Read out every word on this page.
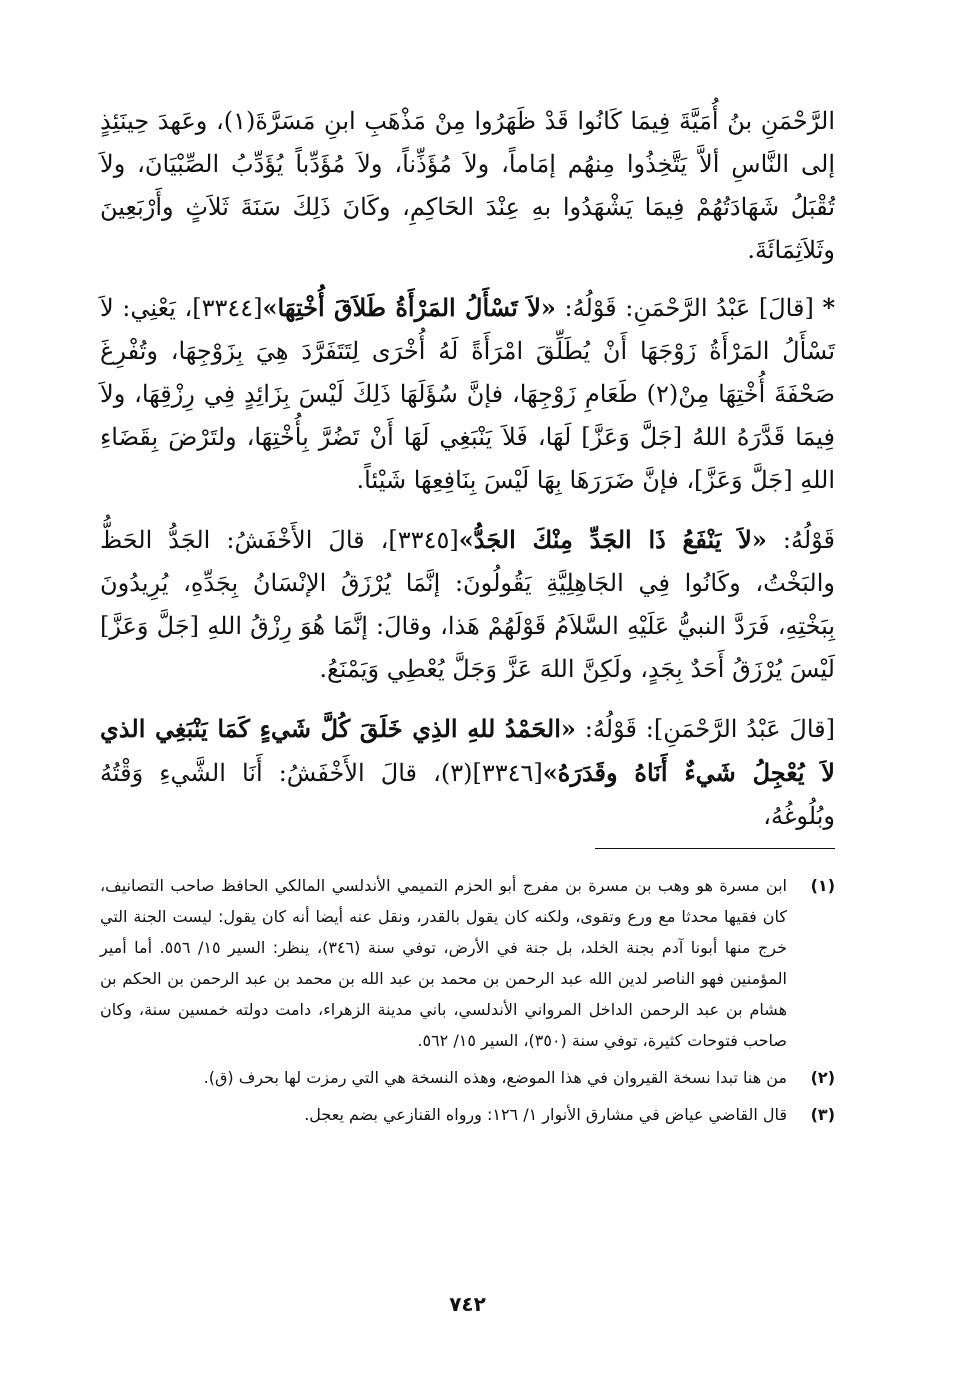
الرَّحْمَنِ بنُ أُمَيَّةَ فِيمَا كَانُوا قَدْ ظَهَرُوا مِنْ مَذْهَبِ ابنِ مَسَرَّةَ(١)، وعَهدَ حِينَئِذٍ إلى النَّاسِ ألاَّ يَتَّخِذُوا مِنهُم إمَاماً، ولاَ مُؤَذِّناً، ولاَ مُؤَدِّباً يُؤَدِّبُ الصِّبْيَانَ، ولاَ تُقْبَلُ شَهَادَتُهُمْ فِيمَا يَشْهَدُوا بهِ عِنْدَ الحَاكِمِ، وكَانَ ذَلِكَ سَنَةَ ثَلاَثٍ وأَرْبَعِينَ وثَلاَثِمَائَةَ.

* [قالَ] عَبْدُ الرَّحْمَنِ: قَوْلُهُ: «لاَ تَسْأَلُ المَرْأَةُ طَلاَقَ أُخْتِهَا»[٣٣٤٤]، يَعْنِي: لاَ تَسْأَلُ المَرْأَةُ زَوْجَهَا أَنْ يُطَلِّقَ امْرَأَةً لَهُ أُخْرَى لِتَتَفَرَّدَ هِيَ بِزَوْجِهَا، وتُفْرِغَ صَحْفَةَ أُخْتِهَا مِنْ(٢) طَعَامِ زَوْجِهَا، فإنَّ سُؤَلَهَا ذَلِكَ لَيْسَ بِزَائِدٍ فِي رِزْقِهَا، ولاَ فِيمَا قَدَّرَهُ اللهُ [جَلَّ وَعَزَّ] لَهَا، فَلاَ يَنْبَغِي لَهَا أَنْ تَضُرَّ بِأُخْتِهَا، ولتَرْضَ بِقَضَاءِ اللهِ [جَلَّ وَعَزَّ]، فإنَّ ضَرَرَهَا بِهَا لَيْسَ بِنَافِعِهَا شَيْئاً.

قَوْلُهُ: «لاَ يَنْفَعُ ذَا الجَدِّ مِنْكَ الجَدُّ»[٣٣٤٥]، قالَ الأَخْفَشُ: الجَدُّ الحَظُّ والبَخْتُ، وكَانُوا فِي الجَاهِلِيَّةِ يَقُولُونَ: إنَّمَا يُرْزَقُ الإنْسَانُ بِجَدِّهِ، يُرِيدُونَ بِبَخْتِهِ، فَرَدَّ النبيُّ عَلَيْهِ السَّلاَمُ قَوْلَهُمْ هَذا، وقالَ: إنَّمَا هُوَ رِزْقُ اللهِ [جَلَّ وَعَزَّ] لَيْسَ يُرْزَقُ أَحَدٌ بِجَدٍ، ولَكِنَّ اللهَ عَزَّ وَجَلَّ يُعْطِي وَيَمْنَعُ.

[قالَ عَبْدُ الرَّحْمَنِ]: قَوْلُهُ: «الحَمْدُ للهِ الذِي خَلَقَ كُلَّ شَيءٍ كَمَا يَنْبَغِي الذي لاَ يُعْجِلُ شَيءٌ أَنَاهُ وقَدَرَهُ»[٣٣٤٦](٣)، قالَ الأَخْفَشُ: أَنَا الشَّيءِ وَقْتُهُ وبُلُوغُهُ،

(١)
ابن مسرة هو وهب بن مسرة بن مفرج أبو الحزم التميمي الأندلسي المالكي الحافظ صاحب التصانيف، كان فقيها محدثا مع ورع وتقوى، ولكنه كان يقول بالقدر، ونقل عنه أيضا أنه كان يقول: ليست الجنة التي خرج منها أبونا آدم بجنة الخلد، بل جنة في الأرض، توفي سنة (٣٤٦)، ينظر: السير ١٥/ ٥٥٦. أما أمير المؤمنين فهو الناصر لدين الله عبد الرحمن بن محمد بن عبد الله بن محمد بن عبد الرحمن بن الحكم بن هشام بن عبد الرحمن الداخل المرواني الأندلسي، باني مدينة الزهراء، دامت دولته خمسين سنة، وكان صاحب فتوحات كثيرة، توفي سنة (٣٥٠)، السير ١٥/ ٥٦٢.
(٢)
من هنا تبدا نسخة القيروان في هذا الموضع، وهذه النسخة هي التي رمزت لها بحرف (ق).
(٣)
قال القاضي عياض في مشارق الأنوار ١/ ١٢٦: ورواه القنازعي بضم يعجل.
٧٤٢
